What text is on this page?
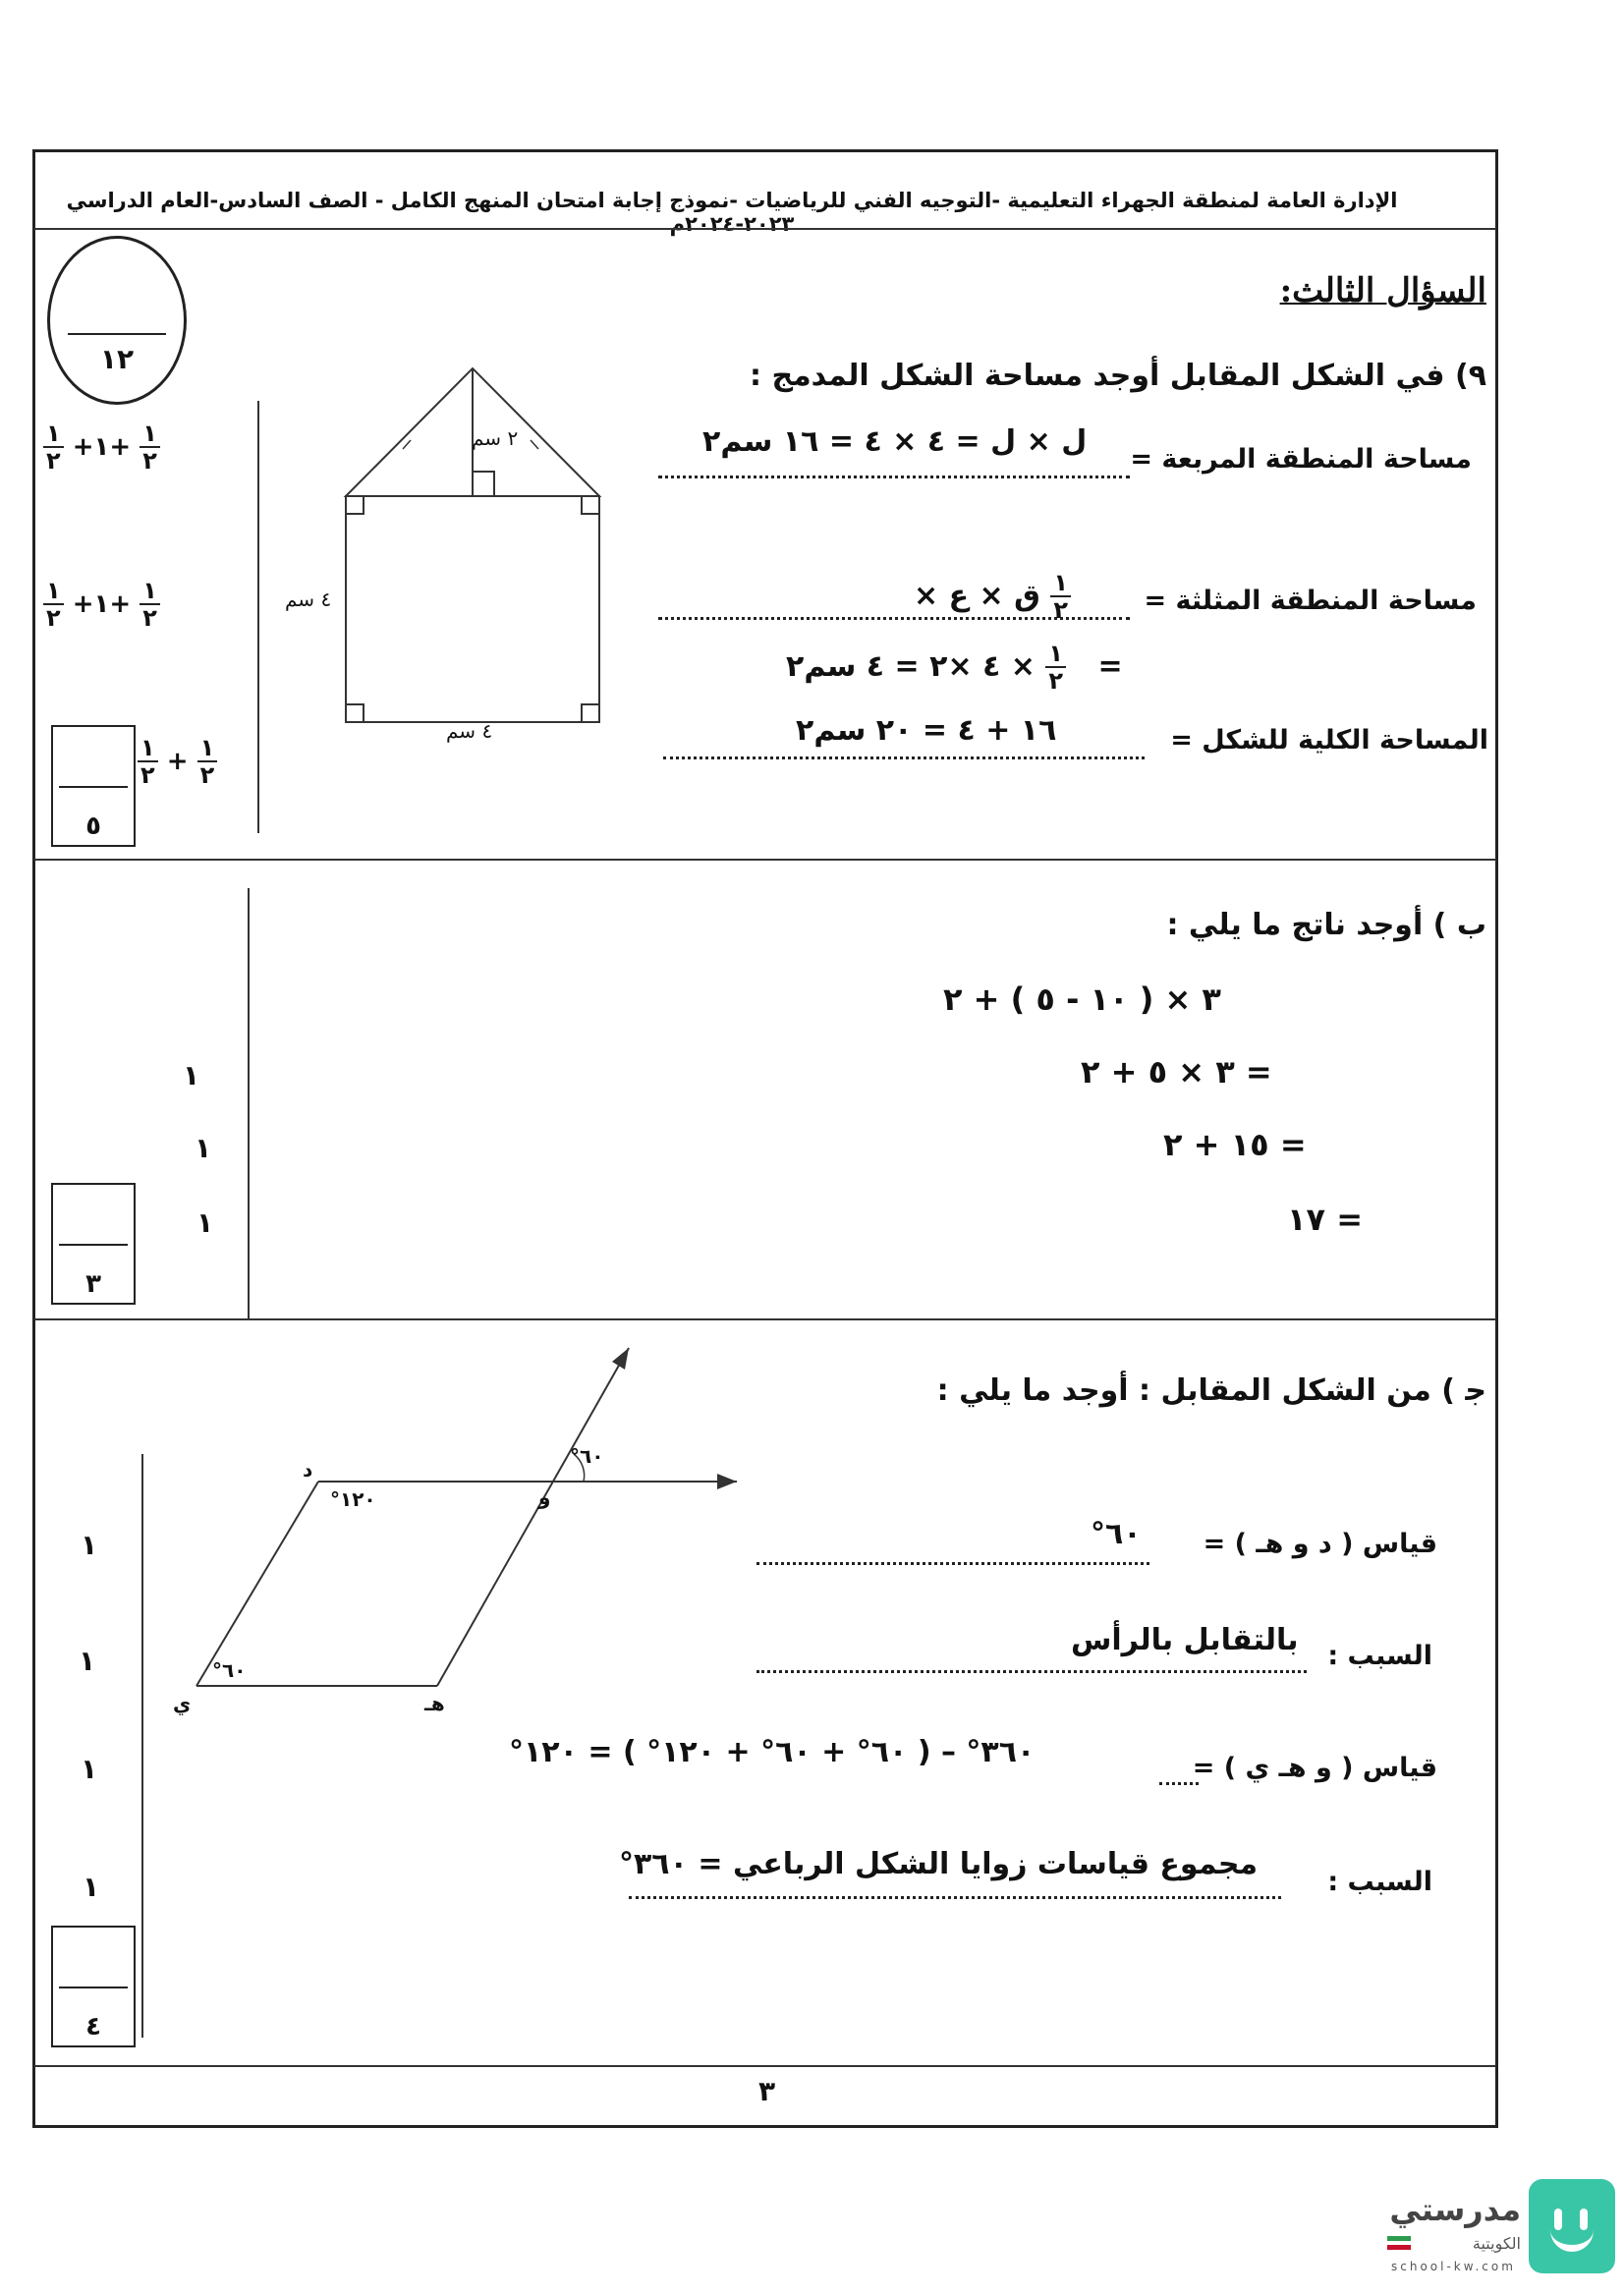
الإدارة العامة لمنطقة الجهراء التعليمية -التوجيه الفني للرياضيات -نموذج إجابة امتحان المنهج الكامل - الصف السادس-العام الدراسي ٢٠٢٣-٢٠٢٤م
١٢
السؤال الثالث:
٩) في الشكل المقابل أوجد مساحة الشكل المدمج :
$\frac{١}{٢}$ +١+ $\frac{١}{٢}$
$\frac{١}{٢}$ +١+ $\frac{١}{٢}$
$\frac{١}{٢} + \frac{١}{٢}$
٥
٢ سم
٤ سم
٤ سم
مساحة المنطقة المربعة =
ل × ل = ٤ × ٤ = ١٦ سم٢
مساحة المنطقة المثلثة =
× ق × ع $\frac{١}{٢}$
× ٤ ×٢ = ٤ سم٢ $\frac{١}{٢}$ =
المساحة الكلية للشكل =
١٦ + ٤ = ٢٠ سم٢
ب ) أوجد ناتج ما يلي :
٣ × ( ١٠ - ٥ ) + ٢
= ٣ × ٥ + ٢
١
= ١٥ + ٢
١
= ١٧
١
٣
ﺟ ) من الشكل المقابل : أوجد ما يلي :
د
و
هـ
ي
١٢٠°
٦٠°
٦٠°
قياس ( د و هـ ) =
٦٠°
١
السبب :
بالتقابل بالرأس
١
قياس ( و هـ ي ) =
٣٦٠° – ( ٦٠° + ٦٠° + ١٢٠° ) = ١٢٠°
١
السبب :
مجموع قياسات زوايا الشكل الرباعي = ٣٦٠°
١
٤
٣
مدرستي
الكويتية
school-kw.com
